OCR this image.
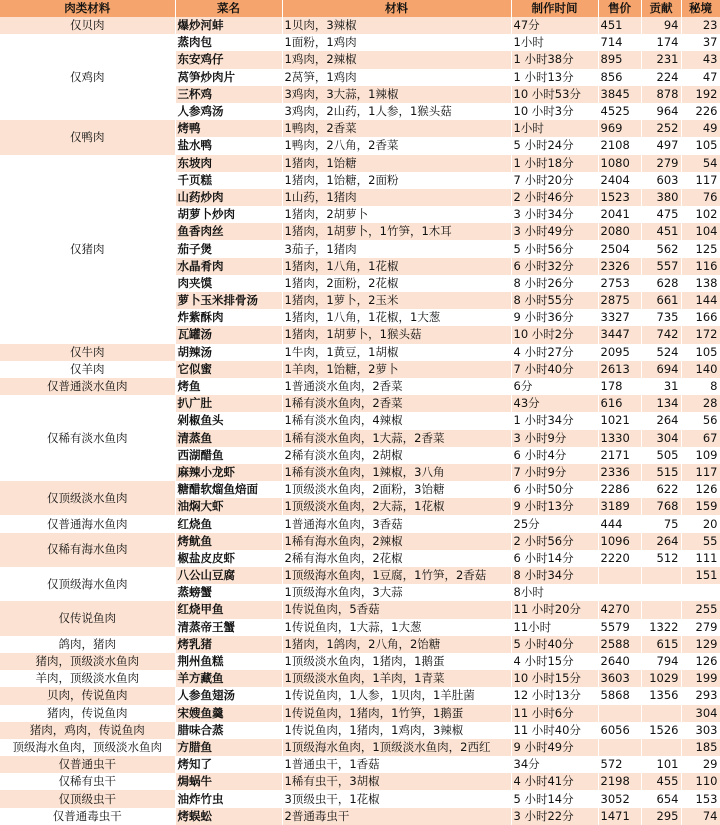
肉类材料	菜名	材料	制作时间	售价	贡献	秘境
仅贝肉	爆炒河蚌	1贝肉，3辣椒	47分	451	94	23
仅鸡肉	蒸肉包	1面粉，1鸡肉	1小时	714	174	37
	东安鸡仔	1鸡肉，2辣椒	1 小时38分	895	231	43
	莴笋炒肉片	2莴笋，1鸡肉	1 小时13分	856	224	47
	三杯鸡	3鸡肉，3大蒜，1辣椒	10 小时53分	3845	878	192
	人参鸡汤	3鸡肉，2山药，1人参，1猴头菇	10 小时3分	4525	964	226
仅鸭肉	烤鸭	1鸭肉，2香菜	1小时	969	252	49
	盐水鸭	1鸭肉，2八角，2香菜	5 小时24分	2108	497	105
仅猪肉	东坡肉	1猪肉，1饴糖	1 小时18分	1080	279	54
	千页糕	1猪肉，1饴糖，2面粉	7 小时20分	2404	603	117
	山药炒肉	1山药，1猪肉	2 小时46分	1523	380	76
	胡萝卜炒肉	1猪肉，2胡萝卜	3 小时34分	2041	475	102
	鱼香肉丝	1猪肉，1胡萝卜，1竹笋，1木耳	3 小时49分	2080	451	104
	茄子煲	3茄子，1猪肉	5 小时56分	2504	562	125
	水晶肴肉	1猪肉，1八角，1花椒	6 小时32分	2326	557	116
	肉夹馍	1猪肉，2面粉，2花椒	8 小时26分	2753	628	138
	萝卜玉米排骨汤	1猪肉，1萝卜，2玉米	8 小时55分	2875	661	144
	炸紫酥肉	1猪肉，1八角，1花椒，1大葱	9 小时36分	3327	735	166
	瓦罐汤	1猪肉，1胡萝卜，1猴头菇	10 小时2分	3447	742	172
仅牛肉	胡辣汤	1牛肉，1黄豆，1胡椒	4 小时27分	2095	524	105
仅羊肉	它似蜜	1羊肉，1饴糖，2萝卜	7 小时40分	2613	694	140
仅普通淡水鱼肉	烤鱼	1普通淡水鱼肉，2香菜	6分	178	31	8
仅稀有淡水鱼肉	扒广肚	1稀有淡水鱼肉，2香菜	43分	616	134	28
	剁椒鱼头	1稀有淡水鱼肉，4辣椒	1 小时34分	1021	264	56
	清蒸鱼	1稀有淡水鱼肉，1大蒜，2香菜	3 小时9分	1330	304	67
	西湖醋鱼	2稀有淡水鱼肉，2胡椒	6 小时4分	2171	505	109
	麻辣小龙虾	1稀有淡水鱼肉，1辣椒，3八角	7 小时9分	2336	515	117
仅顶级淡水鱼肉	糖醋软熘鱼焙面	1顶级淡水鱼肉，2面粉，3饴糖	6 小时50分	2286	622	126
	油焖大虾	1顶级淡水鱼肉，2大蒜，1花椒	9 小时13分	3189	768	159
仅普通海水鱼肉	红烧鱼	1普通海水鱼肉，3香菇	25分	444	75	20
仅稀有海水鱼肉	烤鱿鱼	1稀有海水鱼肉，2辣椒	2 小时56分	1096	264	55
	椒盐皮皮虾	2稀有海水鱼肉，2花椒	6 小时14分	2220	512	111
仅顶级海水鱼肉	八公山豆腐	1顶级海水鱼肉，1豆腐，1竹笋，2香菇	8 小时34分			151
	蒸螃蟹	1顶级海水鱼肉，3大蒜	8小时			
仅传说鱼肉	红烧甲鱼	1传说鱼肉，5香菇	11 小时20分	4270		255
	清蒸帝王蟹	1传说鱼肉，1大蒜，1大葱	11小时	5579	1322	279
鸽肉，猪肉	烤乳猪	1猪肉，1鸽肉，2八角，2饴糖	5 小时40分	2588	615	129
猪肉，顶级淡水鱼肉	荆州鱼糕	1顶级淡水鱼肉，1猪肉，1鹅蛋	4 小时15分	2640	794	126
羊肉，顶级淡水鱼肉	羊方藏鱼	1顶级淡水鱼肉，1羊肉，1青菜	10 小时15分	3603	1029	199
贝肉，传说鱼肉	人参鱼翅汤	1传说鱼肉，1人参，1贝肉，1羊肚菌	12 小时13分	5868	1356	293
猪肉，传说鱼肉	宋嫂鱼羹	1传说鱼肉，1猪肉，1竹笋，1鹅蛋	11 小时6分			304
猪肉，鸡肉，传说鱼肉	腊味合蒸	1传说鱼肉，1猪肉，1鸡肉，3辣椒	11 小时40分	6056	1526	303
顶级海水鱼肉，顶级淡水鱼肉	方腊鱼	1顶级海水鱼肉，1顶级淡水鱼肉，2西红	9 小时49分			185
仅普通虫干	烤知了	1普通虫干，1香菇	34分	572	101	29
仅稀有虫干	焗蜗牛	1稀有虫干，3胡椒	4 小时41分	2198	455	110
仅顶级虫干	油炸竹虫	3顶级虫干，1花椒	5 小时14分	3052	654	153
仅普通毒虫干	烤蜈蚣	2普通毒虫干	3 小时22分	1471	295	74
